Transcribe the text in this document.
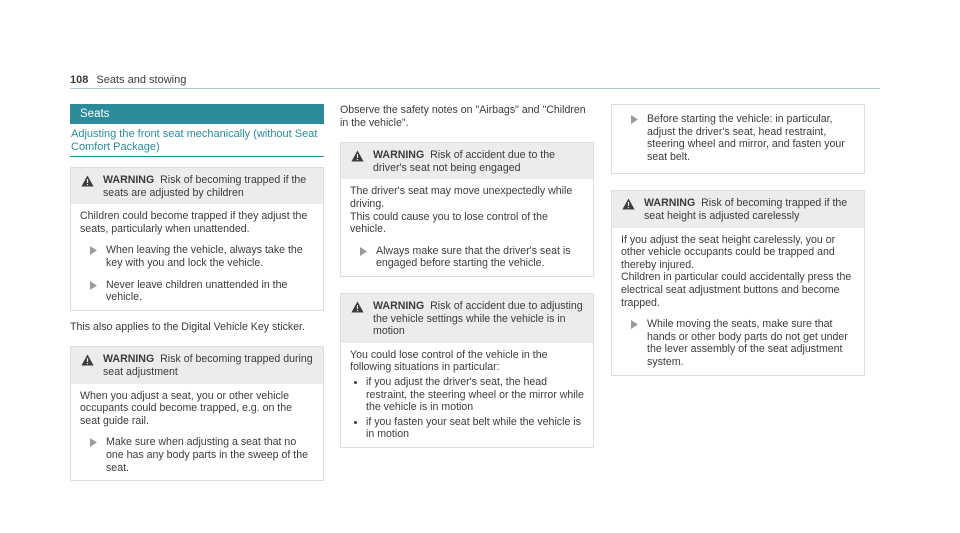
108 Seats and stowing
Seats
Adjusting the front seat mechanically (without Seat Comfort Package)
WARNING Risk of becoming trapped if the seats are adjusted by children

Children could become trapped if they adjust the seats, particularly when unattended.

When leaving the vehicle, always take the key with you and lock the vehicle.
Never leave children unattended in the vehicle.

This also applies to the Digital Vehicle Key sticker.

WARNING Risk of becoming trapped during seat adjustment

When you adjust a seat, you or other vehicle occupants could become trapped, e.g. on the seat guide rail.

Make sure when adjusting a seat that no one has any body parts in the sweep of the seat.

Observe the safety notes on "Airbags" and "Children in the vehicle".

WARNING Risk of accident due to the driver's seat not being engaged

The driver's seat may move unexpectedly while driving.

This could cause you to lose control of the vehicle.

Always make sure that the driver's seat is engaged before starting the vehicle.
WARNING Risk of accident due to adjusting the vehicle settings while the vehicle is in motion

You could lose control of the vehicle in the following situations in particular:

if you adjust the driver's seat, the head restraint, the steering wheel or the mirror while the vehicle is in motion
if you fasten your seat belt while the vehicle is in motion
Before starting the vehicle: in particular, adjust the driver's seat, head restraint, steering wheel and mirror, and fasten your seat belt.
WARNING Risk of becoming trapped if the seat height is adjusted carelessly

If you adjust the seat height carelessly, you or other vehicle occupants could be trapped and thereby injured.

Children in particular could accidentally press the electrical seat adjustment buttons and become trapped.

While moving the seats, make sure that hands or other body parts do not get under the lever assembly of the seat adjustment system.
